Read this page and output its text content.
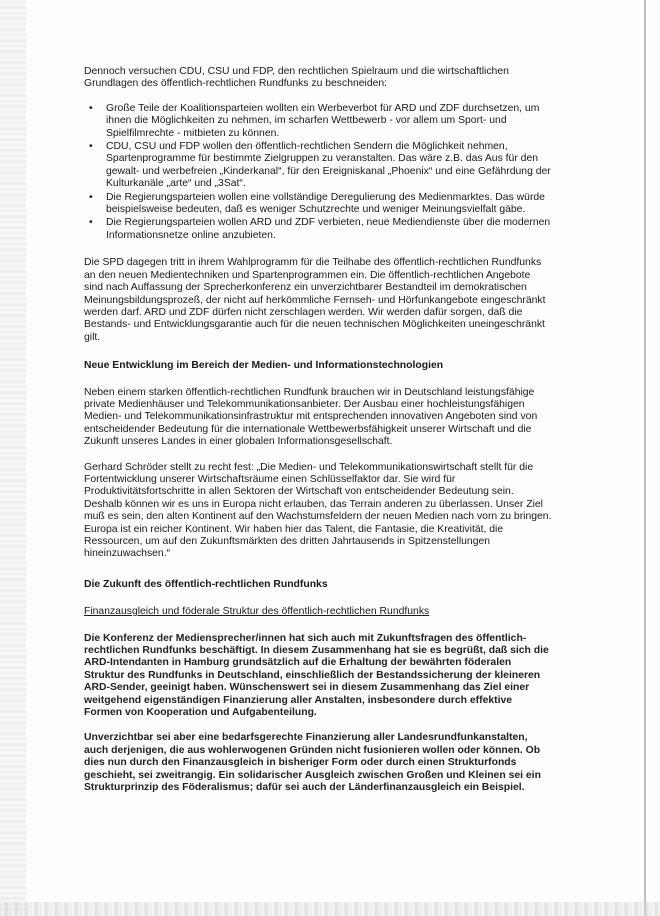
Dennoch versuchen CDU, CSU und FDP, den rechtlichen Spielraum und die wirtschaftlichen Grundlagen des öffentlich-rechtlichen Rundfunks zu beschneiden:

• Große Teile der Koalitionsparteien wollten ein Werbeverbot für ARD und ZDF durchsetzen, um ihnen die Möglichkeiten zu nehmen, im scharfen Wettbewerb - vor allem um Sport- und Spielfilmrechte - mitbieten zu können.
• CDU, CSU und FDP wollen den öffentlich-rechtlichen Sendern die Möglichkeit nehmen, Spartenprogramme für bestimmte Zielgruppen zu veranstalten. Das wäre z.B. das Aus für den gewalt- und werbefreien „Kinderkanal“, für den Ereigniskanal „Phoenix“ und eine Gefährdung der Kulturkanäle „arte“ und „3Sat“.
• Die Regierungsparteien wollen eine vollständige Deregulierung des Medienmarktes. Das würde beispielsweise bedeuten, daß es weniger Schutzrechte und weniger Meinungsvielfalt gäbe.
• Die Regierungsparteien wollen ARD und ZDF verbieten, neue Mediendienste über die modernen Informationsnetze online anzubieten.

Die SPD dagegen tritt in ihrem Wahlprogramm für die Teilhabe des öffentlich-rechtlichen Rundfunks an den neuen Medientechniken und Spartenprogrammen ein. Die öffentlich-rechtlichen Angebote sind nach Auffassung der Sprecherkonferenz ein unverzichtbarer Bestandteil im demokratischen Meinungsbildungsprozeß, der nicht auf herkömmliche Fernseh- und Hörfunkangebote eingeschränkt werden darf. ARD und ZDF dürfen nicht zerschlagen werden. Wir werden dafür sorgen, daß die Bestands- und Entwicklungsgarantie auch für die neuen technischen Möglichkeiten uneingeschränkt gilt.

Neue Entwicklung im Bereich der Medien- und Informationstechnologien

Neben einem starken öffentlich-rechtlichen Rundfunk brauchen wir in Deutschland leistungsfähige private Medienhäuser und Telekommunikationsanbieter. Der Ausbau einer hochleistungsfähigen Medien- und Telekommunikationsinfrastruktur mit entsprechenden innovativen Angeboten sind von entscheidender Bedeutung für die internationale Wettbewerbsfähigkeit unserer Wirtschaft und die Zukunft unseres Landes in einer globalen Informationsgesellschaft.

Gerhard Schröder stellt zu recht fest: „Die Medien- und Telekommunikationswirtschaft stellt für die Fortentwicklung unserer Wirtschaftsräume einen Schlüsselfaktor dar. Sie wird für Produktivitätsfortschritte in allen Sektoren der Wirtschaft von entscheidender Bedeutung sein. Deshalb können wir es uns in Europa nicht erlauben, das Terrain anderen zu überlassen. Unser Ziel muß es sein, den alten Kontinent auf den Wachstumsfeldern der neuen Medien nach vorn zu bringen. Europa ist ein reicher Kontinent. Wir haben hier das Talent, die Fantasie, die Kreativität, die Ressourcen, um auf den Zukunftsmärkten des dritten Jahrtausends in Spitzenstellungen hineinzuwachsen.“

Die Zukunft des öffentlich-rechtlichen Rundfunks

Finanzausgleich und föderale Struktur des öffentlich-rechtlichen Rundfunks

Die Konferenz der Mediensprecher/innen hat sich auch mit Zukunftsfragen des öffentlich-rechtlichen Rundfunks beschäftigt. In diesem Zusammenhang hat sie es begrüßt, daß sich die ARD-Intendanten in Hamburg grundsätzlich auf die Erhaltung der bewährten föderalen Struktur des Rundfunks in Deutschland, einschließlich der Bestandssicherung der kleineren ARD-Sender, geeinigt haben. Wünschenswert sei in diesem Zusammenhang das Ziel einer weitgehend eigenständigen Finanzierung aller Anstalten, insbesondere durch effektive Formen von Kooperation und Aufgabenteilung.

Unverzichtbar sei aber eine bedarfsgerechte Finanzierung aller Landesrundfunkanstalten, auch derjenigen, die aus wohlerwogenen Gründen nicht fusionieren wollen oder können. Ob dies nun durch den Finanzausgleich in bisheriger Form oder durch einen Strukturfonds geschieht, sei zweitrangig. Ein solidarischer Ausgleich zwischen Großen und Kleinen sei ein Strukturprinzip des Föderalismus; dafür sei auch der Länderfinanzausgleich ein Beispiel.
